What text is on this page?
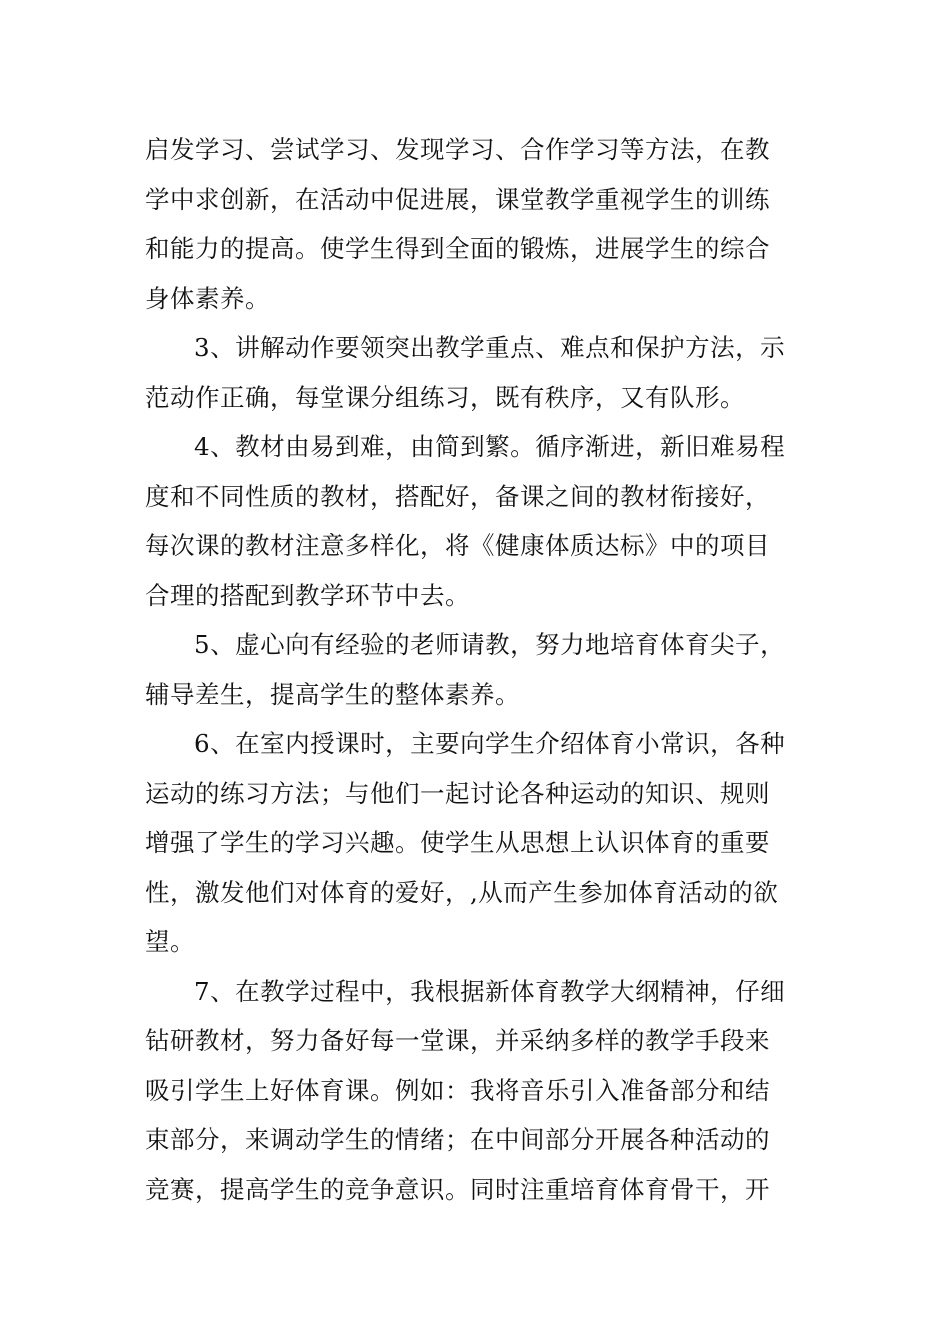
启发学习、尝试学习、发现学习、合作学习等方法，在教
学中求创新，在活动中促进展，课堂教学重视学生的训练
和能力的提高。使学生得到全面的锻炼，进展学生的综合
身体素养。
3、讲解动作要领突出教学重点、难点和保护方法，示
范动作正确，每堂课分组练习，既有秩序，又有队形。
4、教材由易到难，由简到繁。循序渐进，新旧难易程
度和不同性质的教材，搭配好，备课之间的教材衔接好，
每次课的教材注意多样化，将《健康体质达标》中的项目
合理的搭配到教学环节中去。
5、虚心向有经验的老师请教，努力地培育体育尖子，
辅导差生，提高学生的整体素养。
6、在室内授课时，主要向学生介绍体育小常识，各种
运动的练习方法；与他们一起讨论各种运动的知识、规则
增强了学生的学习兴趣。使学生从思想上认识体育的重要
性，激发他们对体育的爱好，,从而产生参加体育活动的欲
望。
7、在教学过程中，我根据新体育教学大纲精神，仔细
钻研教材，努力备好每一堂课，并采纳多样的教学手段来
吸引学生上好体育课。例如：我将音乐引入准备部分和结
束部分，来调动学生的情绪；在中间部分开展各种活动的
竞赛，提高学生的竞争意识。同时注重培育体育骨干，开
